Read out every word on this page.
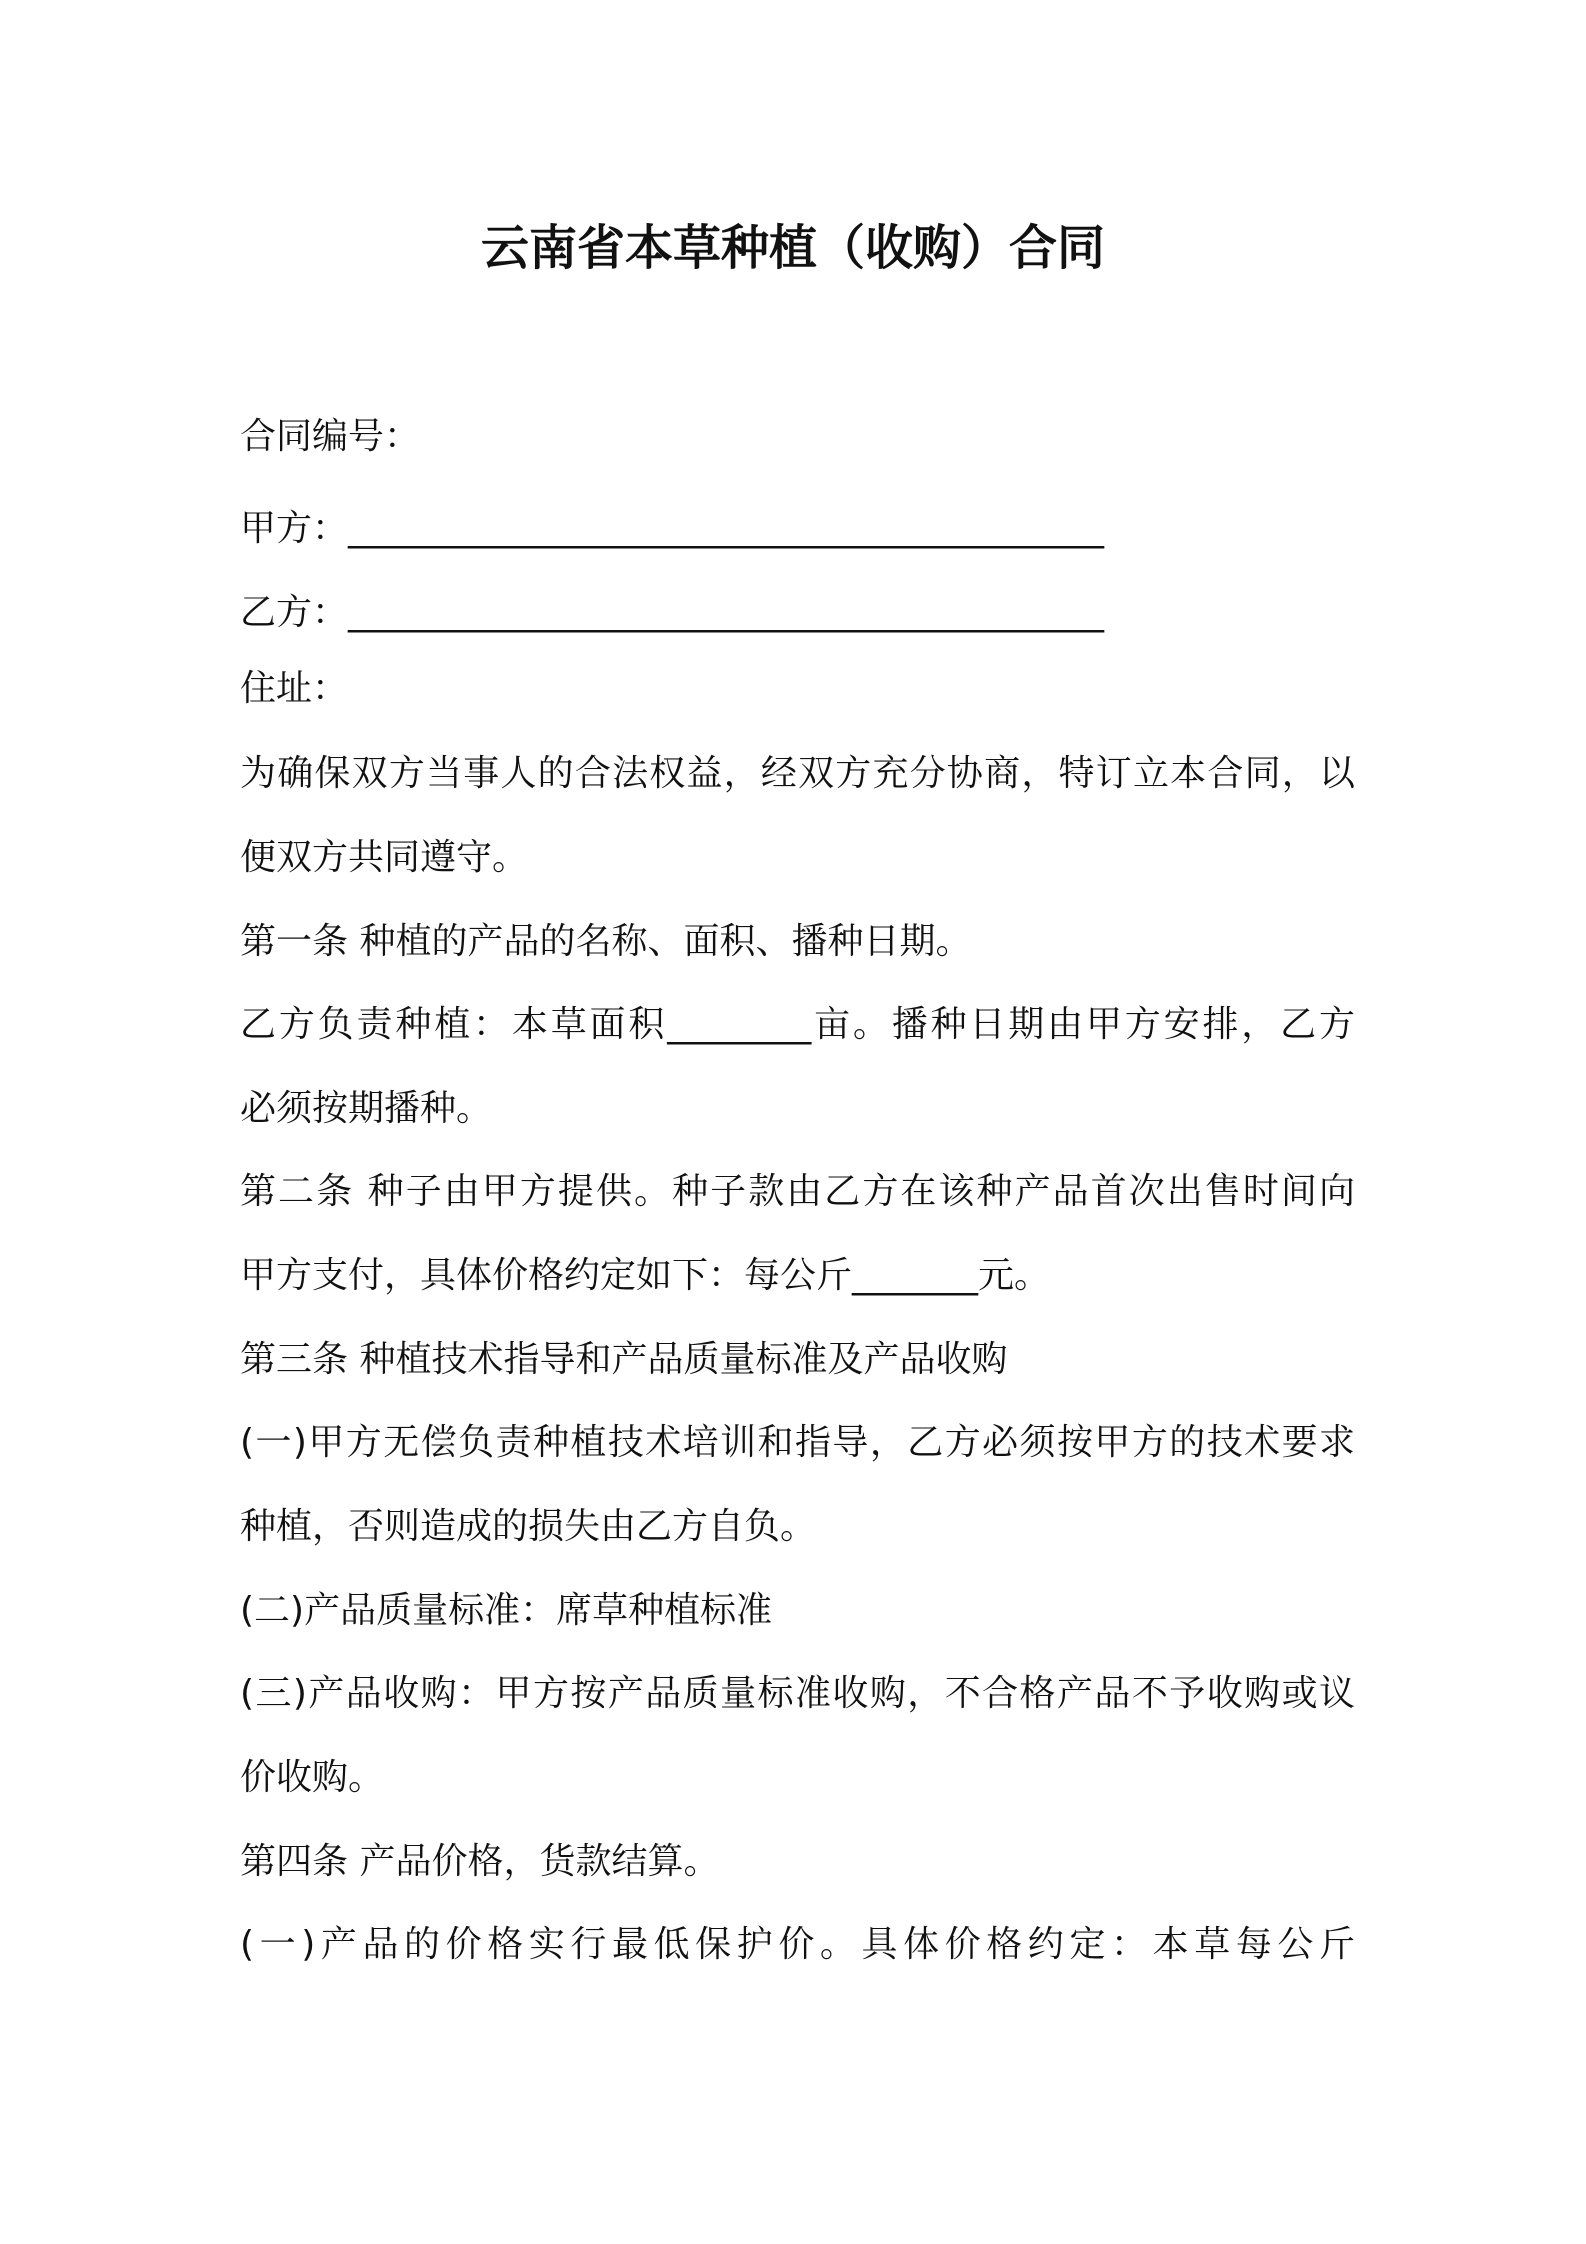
云南省本草种植（收购）合同
合同编号：
甲方：__________________________________________
乙方：__________________________________________
住址：
为确保双方当事人的合法权益，经双方充分协商，特订立本合同，以
便双方共同遵守。
第一条 种植的产品的名称、面积、播种日期。
乙方负责种植：本草面积________亩。播种日期由甲方安排，乙方
必须按期播种。
第二条 种子由甲方提供。种子款由乙方在该种产品首次出售时间向
甲方支付，具体价格约定如下：每公斤_______元。
第三条 种植技术指导和产品质量标准及产品收购
(一)甲方无偿负责种植技术培训和指导，乙方必须按甲方的技术要求
种植，否则造成的损失由乙方自负。
(二)产品质量标准：席草种植标准
(三)产品收购：甲方按产品质量标准收购，不合格产品不予收购或议
价收购。
第四条 产品价格，货款结算。
(一)产品的价格实行最低保护价。具体价格约定：本草每公斤
